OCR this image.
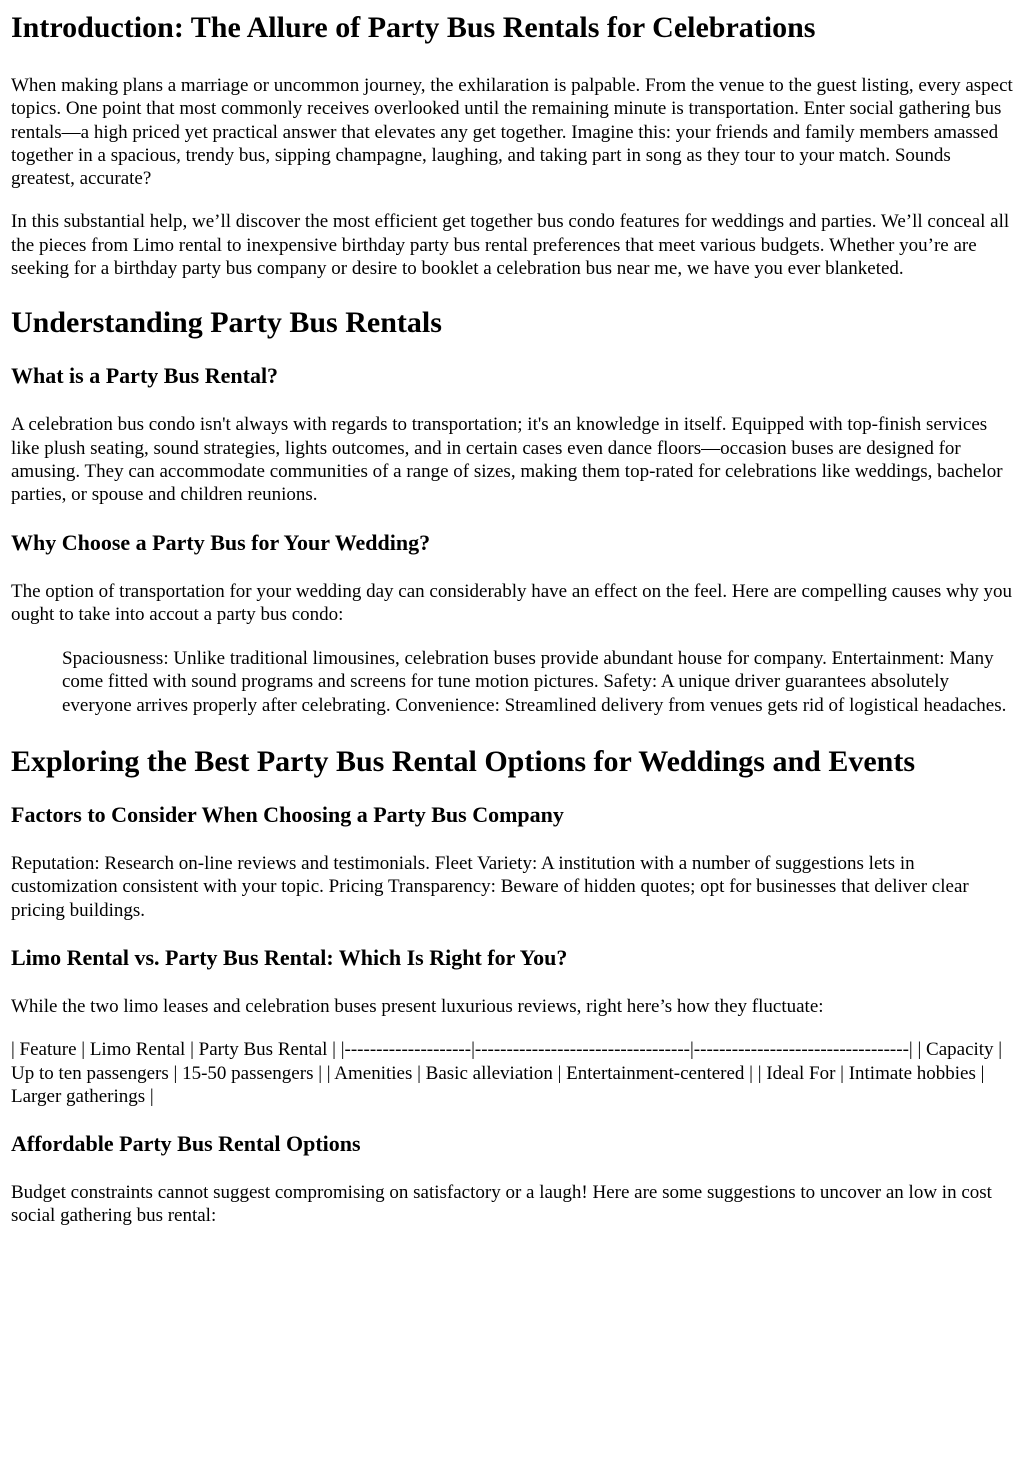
Introduction: The Allure of Party Bus Rentals for Celebrations

When making plans a marriage or uncommon journey, the exhilaration is palpable. From the venue to the guest listing, every aspect topics. One point that most commonly receives overlooked until the remaining minute is transportation. Enter social gathering bus rentals—a high priced yet practical answer that elevates any get together. Imagine this: your friends and family members amassed together in a spacious, trendy bus, sipping champagne, laughing, and taking part in song as they tour to your match. Sounds greatest, accurate?

In this substantial help, we’ll discover the most efficient get together bus condo features for weddings and parties. We’ll conceal all the pieces from Limo rental to inexpensive birthday party bus rental preferences that meet various budgets. Whether you’re are seeking for a birthday party bus company or desire to booklet a celebration bus near me, we have you ever blanketed.

Understanding Party Bus Rentals
What is a Party Bus Rental?

A celebration bus condo isn't always with regards to transportation; it's an knowledge in itself. Equipped with top-finish services like plush seating, sound strategies, lights outcomes, and in certain cases even dance floors—occasion buses are designed for amusing. They can accommodate communities of a range of sizes, making them top-rated for celebrations like weddings, bachelor parties, or spouse and children reunions.

Why Choose a Party Bus for Your Wedding?

The option of transportation for your wedding day can considerably have an effect on the feel. Here are compelling causes why you ought to take into accout a party bus condo:

Spaciousness: Unlike traditional limousines, celebration buses provide abundant house for company. Entertainment: Many come fitted with sound programs and screens for tune motion pictures. Safety: A unique driver guarantees absolutely everyone arrives properly after celebrating. Convenience: Streamlined delivery from venues gets rid of logistical headaches.
Exploring the Best Party Bus Rental Options for Weddings and Events
Factors to Consider When Choosing a Party Bus Company

Reputation: Research on-line reviews and testimonials. Fleet Variety: A institution with a number of suggestions lets in customization consistent with your topic. Pricing Transparency: Beware of hidden quotes; opt for businesses that deliver clear pricing buildings.

Limo Rental vs. Party Bus Rental: Which Is Right for You?

While the two limo leases and celebration buses present luxurious reviews, right here’s how they fluctuate:

| Feature | Limo Rental | Party Bus Rental | |--------------------|----------------------------------|----------------------------------| | Capacity | Up to ten passengers | 15-50 passengers | | Amenities | Basic alleviation | Entertainment-centered | | Ideal For | Intimate hobbies | Larger gatherings |

Affordable Party Bus Rental Options

Budget constraints cannot suggest compromising on satisfactory or a laugh! Here are some suggestions to uncover an low in cost social gathering bus rental:
